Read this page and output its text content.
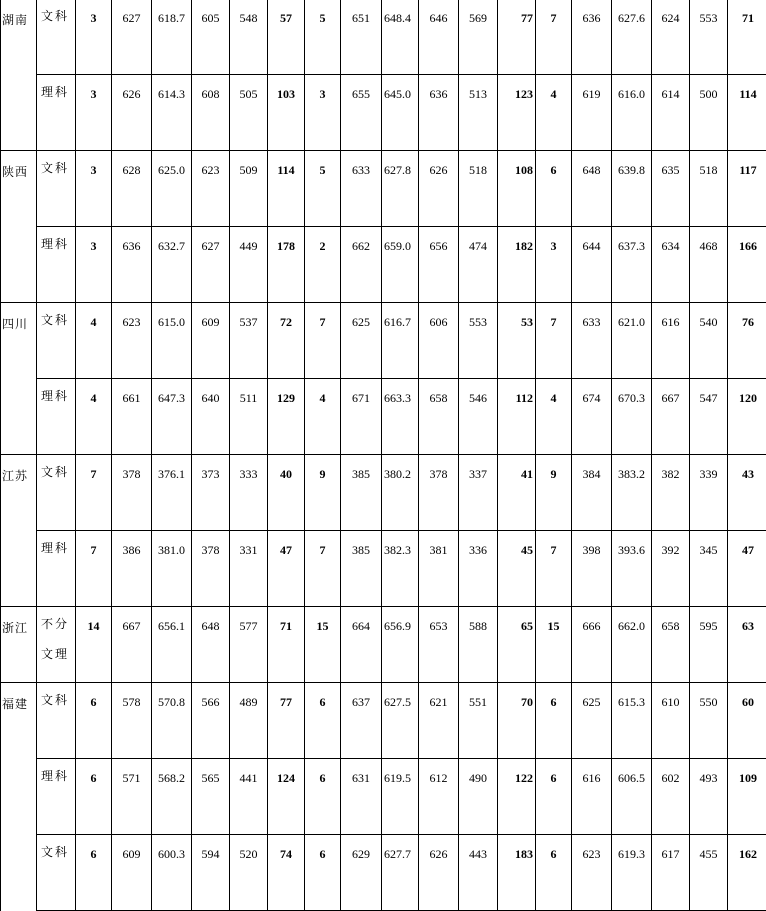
湖南	文科	3	627	618.7	605	548	57	5	651	648.4	646	569	77	7	636	627.6	624	553	71
	理科	3	626	614.3	608	505	103	3	655	645.0	636	513	123	4	619	616.0	614	500	114
陕西	文科	3	628	625.0	623	509	114	5	633	627.8	626	518	108	6	648	639.8	635	518	117
	理科	3	636	632.7	627	449	178	2	662	659.0	656	474	182	3	644	637.3	634	468	166
四川	文科	4	623	615.0	609	537	72	7	625	616.7	606	553	53	7	633	621.0	616	540	76
	理科	4	661	647.3	640	511	129	4	671	663.3	658	546	112	4	674	670.3	667	547	120
江苏	文科	7	378	376.1	373	333	40	9	385	380.2	378	337	41	9	384	383.2	382	339	43
	理科	7	386	381.0	378	331	47	7	385	382.3	381	336	45	7	398	393.6	392	345	47
浙江	不分文理	14	667	656.1	648	577	71	15	664	656.9	653	588	65	15	666	662.0	658	595	63
福建	文科	6	578	570.8	566	489	77	6	637	627.5	621	551	70	6	625	615.3	610	550	60
	理科	6	571	568.2	565	441	124	6	631	619.5	612	490	122	6	616	606.5	602	493	109
	文科	6	609	600.3	594	520	74	6	629	627.7	626	443	183	6	623	619.3	617	455	162
